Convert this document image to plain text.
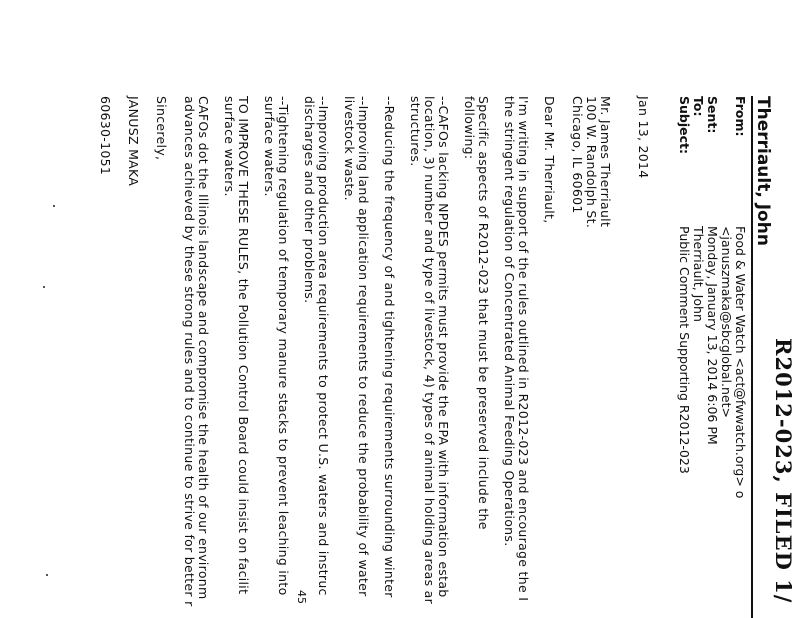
R2012-023, FILED 1/
Therriault, John
From:
Food & Water Watch <act@fwwatch.org> o
<januszmaka@sbcglobal.net>
Sent:
Monday, January 13, 2014 6:06 PM
To:
Therriault, John
Subject:
Public Comment Supporting R2012-023
Jan 13, 2014
Mr. James Therriault
100 W. Randolph St.
Chicago, IL 60601
Dear Mr. Therriault,
I'm writing in support of the rules outlined in R2012-023 and encourage the I
the stringent regulation of Concentrated Animal Feeding Operations.
Specific aspects of R2012-023 that must be preserved include the
following:
--CAFOs lacking NPDES permits must provide the EPA with information estab
location, 3) number and type of livestock, 4) types of animal holding areas ar
structures.
--Reducing the frequency of and tightening requirements surrounding winter
--Improving land application requirements to reduce the probability of water
livestock waste.
--Improving production area requirements to protect U.S. waters and instruc
discharges and other problems.
--Tightening regulation of temporary manure stacks to prevent leaching into
surface waters.
TO IMPROVE THESE RULES, the Pollution Control Board could insist on facilit
surface waters.
CAFOs dot the Illinois landscape and compromise the health of our environm
advances achieved by these strong rules and to continue to strive for better r
Sincerely,
JANUSZ MAKA
60630-1051
45
